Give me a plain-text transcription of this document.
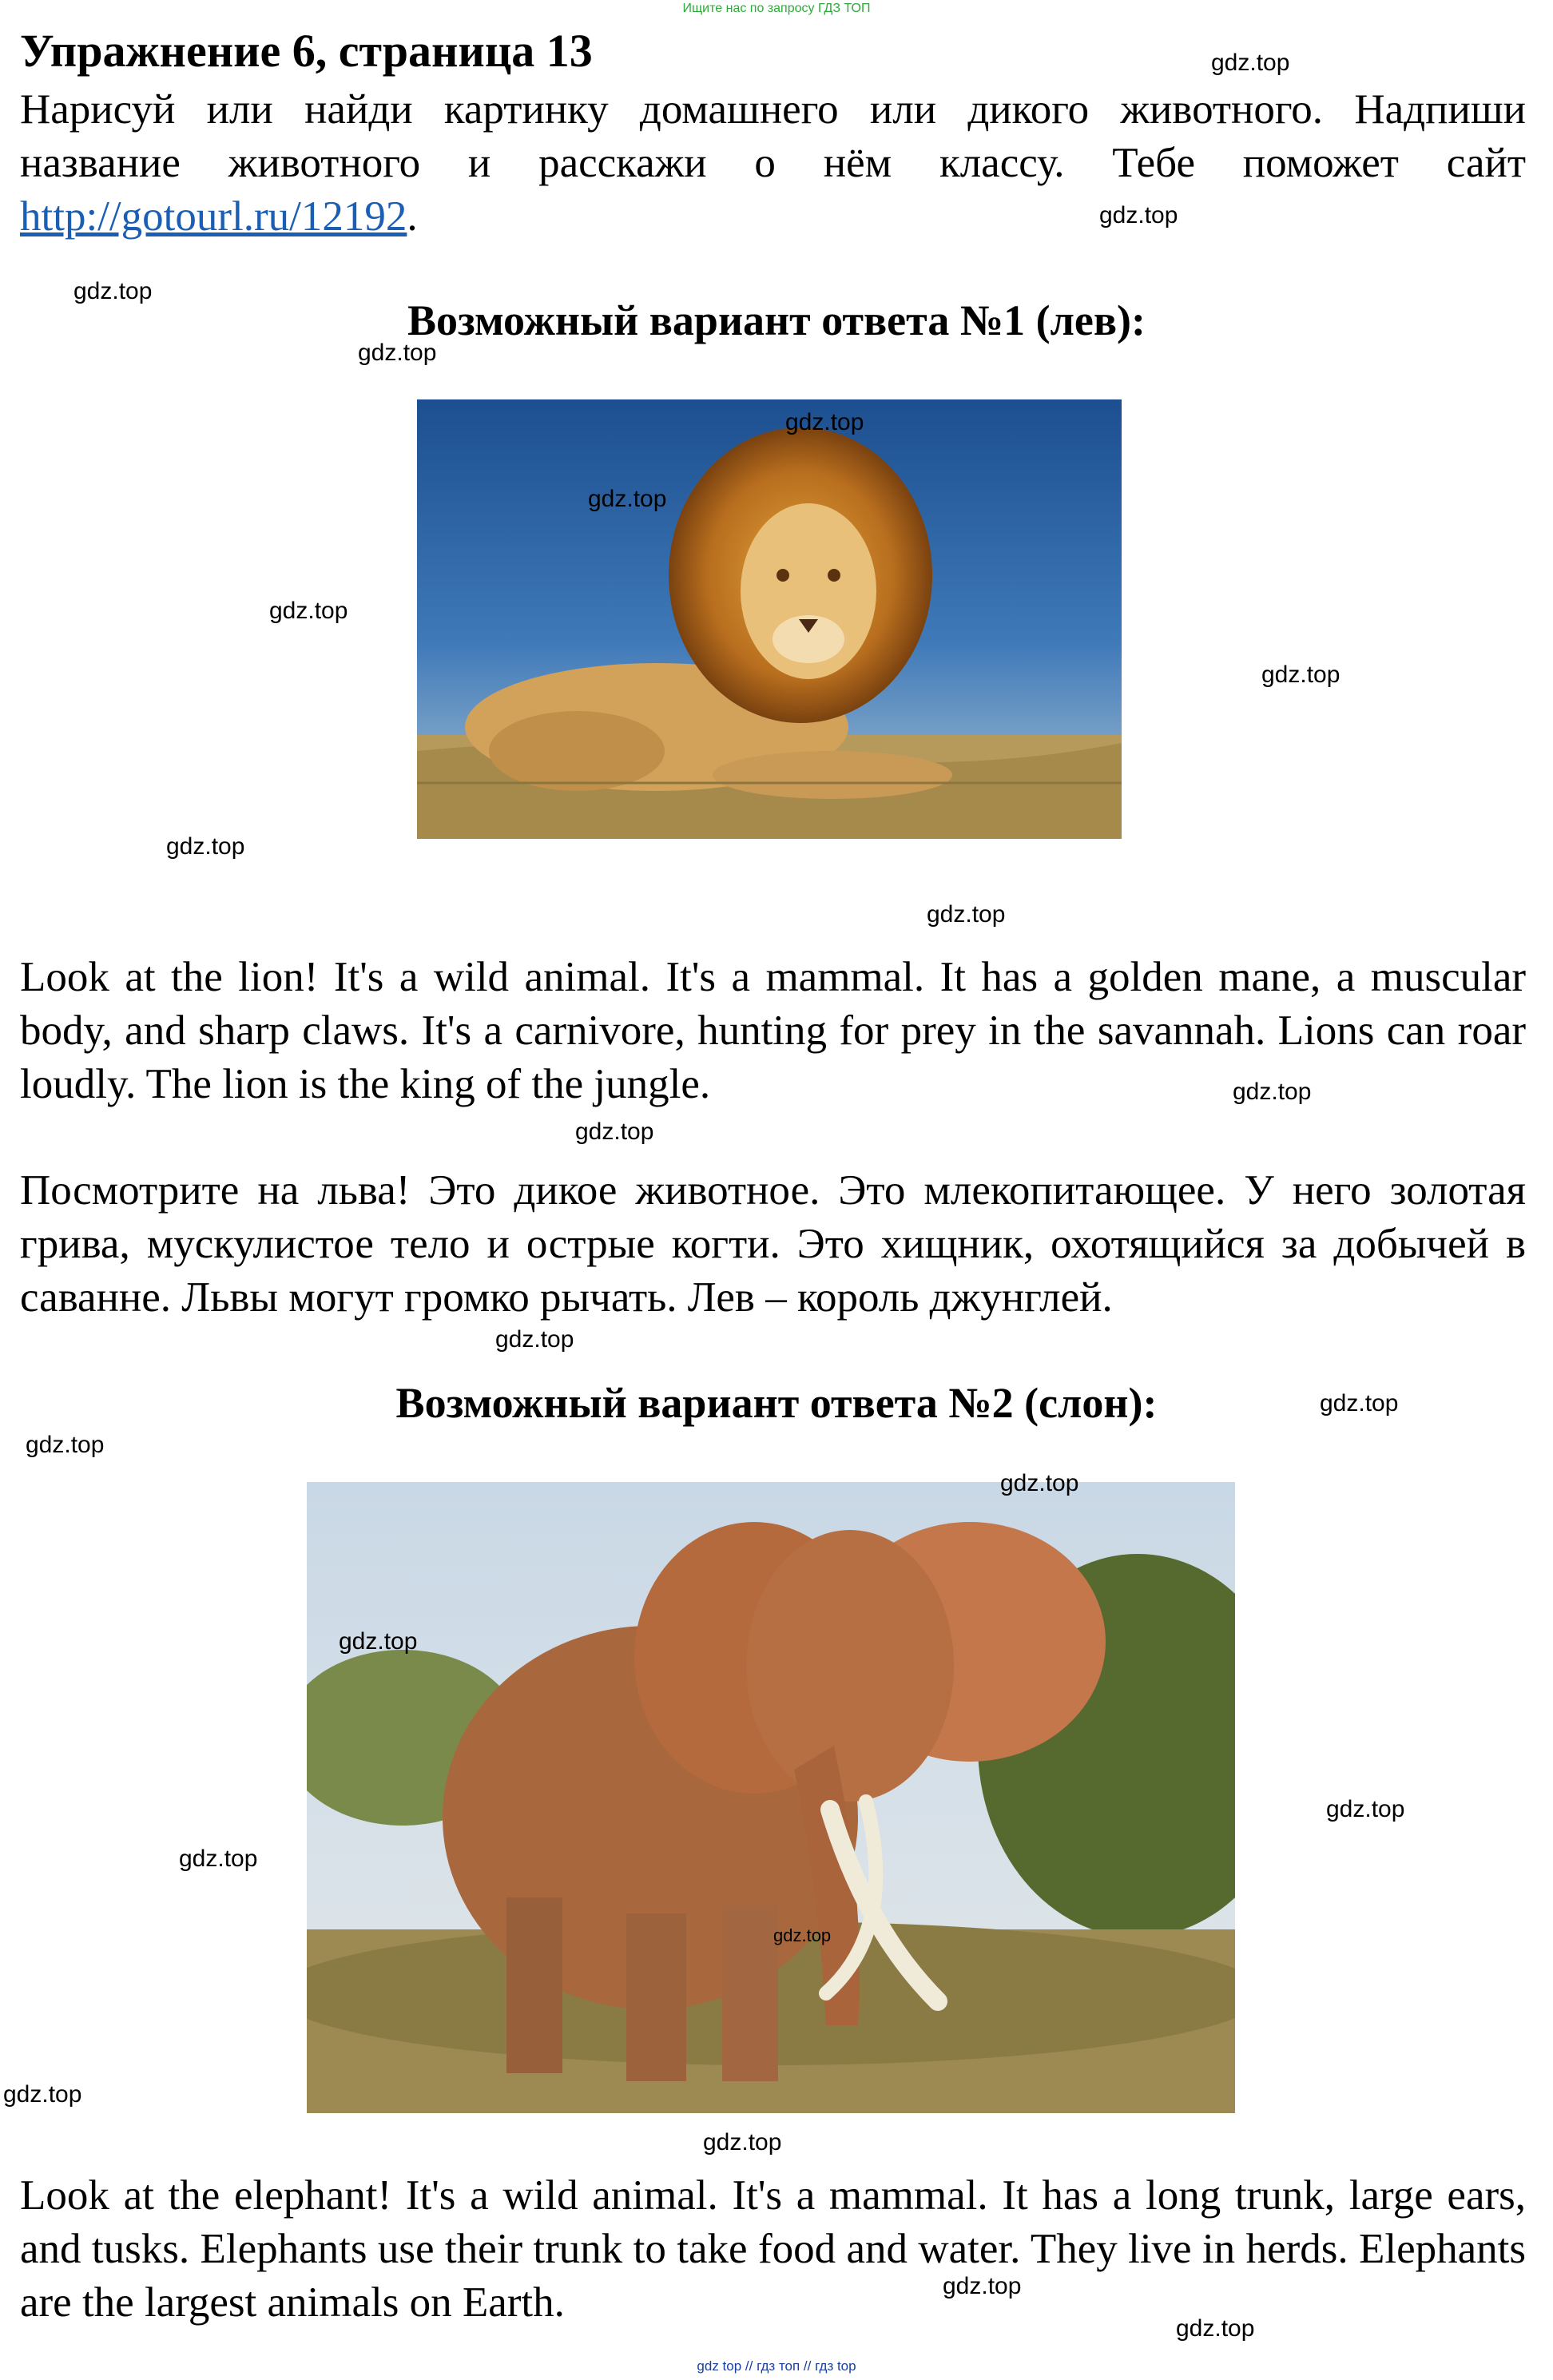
Ищите нас по запросу ГДЗ ТОП
Упражнение 6, страница 13
Нарисуй или найди картинку домашнего или дикого животного. Надпиши название животного и расскажи о нём классу. Тебе поможет сайт http://gotourl.ru/12192.
Возможный вариант ответа №1 (лев):
Look at the lion! It's a wild animal. It's a mammal. It has a golden mane, a muscular body, and sharp claws. It's a carnivore, hunting for prey in the savannah. Lions can roar loudly. The lion is the king of the jungle.
Посмотрите на льва! Это дикое животное. Это млекопитающее. У него золотая грива, мускулистое тело и острые когти. Это хищник, охотящийся за добычей в саванне. Львы могут громко рычать. Лев – король джунглей.
Возможный вариант ответа №2 (слон):
Look at the elephant! It's a wild animal. It's a mammal. It has a long trunk, large ears, and tusks. Elephants use their trunk to take food and water. They live in herds. Elephants are the largest animals on Earth.
gdz.top
gdz.top
gdz.top
gdz.top
gdz.top
gdz.top
gdz.top
gdz.top
gdz.top
gdz.top
gdz.top
gdz.top
gdz.top
gdz.top
gdz.top
gdz.top
gdz.top
gdz.top
gdz.top
gdz.top
gdz.top
gdz.top
gdz.top
gdz.top
gdz top // гдз топ // гдз top
